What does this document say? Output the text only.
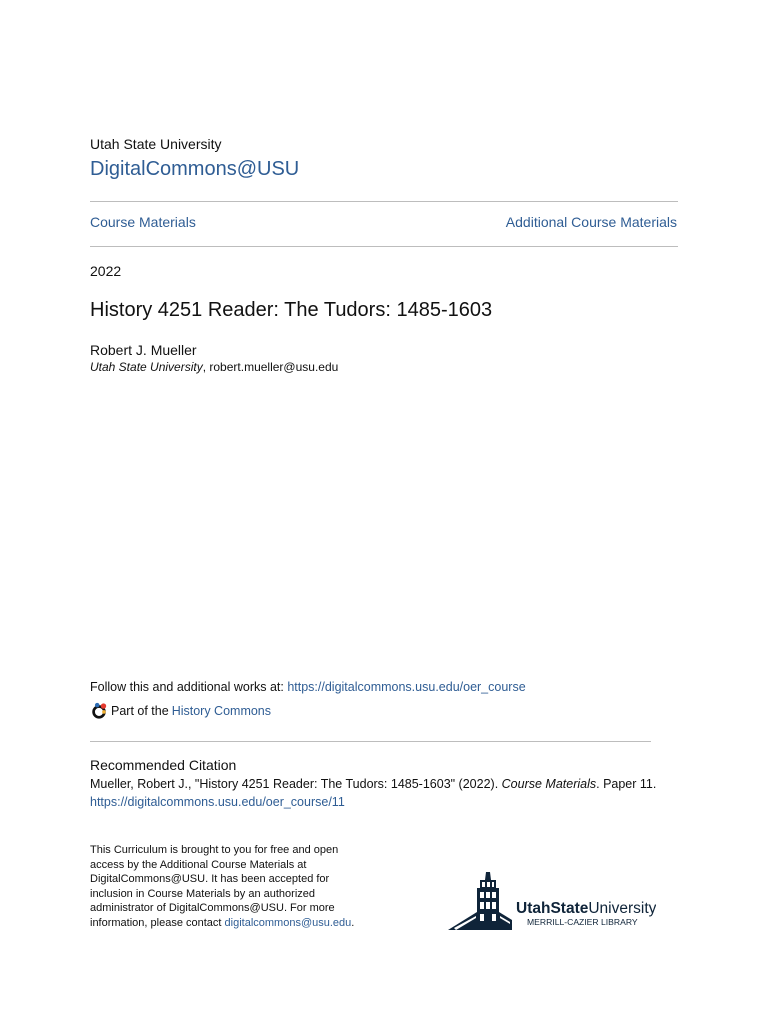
Utah State University
DigitalCommons@USU
Course Materials	Additional Course Materials
2022
History 4251 Reader: The Tudors: 1485-1603
Robert J. Mueller
Utah State University, robert.mueller@usu.edu
Follow this and additional works at: https://digitalcommons.usu.edu/oer_course
Part of the History Commons
Recommended Citation
Mueller, Robert J., "History 4251 Reader: The Tudors: 1485-1603" (2022). Course Materials. Paper 11.
https://digitalcommons.usu.edu/oer_course/11
This Curriculum is brought to you for free and open access by the Additional Course Materials at DigitalCommons@USU. It has been accepted for inclusion in Course Materials by an authorized administrator of DigitalCommons@USU. For more information, please contact digitalcommons@usu.edu.
UtahStateUniversity
MERRILL-CAZIER LIBRARY
